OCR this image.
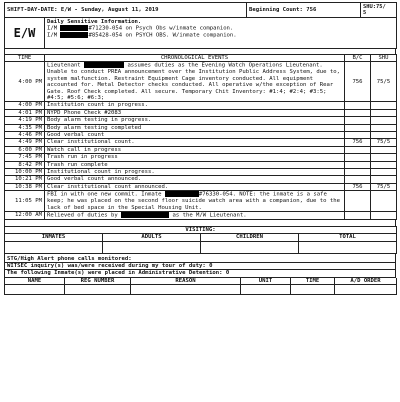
SHIFT-DAY-DATE: E/W - Sunday, August 11, 2019	Beginning Count: 756	SHU:75/
5
E/W	
Daily Sensitive Information.
I/M	#71230-054 on Psych Obs w/inmate companion.
I/M	#85428-054 on PSYCH OBS. W/inmate companion.
TIME	CHRONOLOGICAL EVENTS	B/C	SHU
4:00 PM	Lieutenant assumes duties as the Evening Watch Operations Lieutenant. Unable to conduct PREA announcement over the Institution Public Address System, due to, system malfunction. Restraint Equipment Cage inventory conducted. All equipment accounted for. Metal Detector checks conducted. All operative w/the exception of Rear Gate. Roof Check completed. All secure. Temporary Chit Inventory: #1:4; #2:4; #3:5; #4:5; #5:6; #6:3;	756	75/5
4:00 PM	Institution count in progress.		
4:01 PM	NYPD Phone Check #2083		
4:19 PM	Body alarm testing in progress.		
4:35 PM	Body alarm testing completed		
4:46 PM	Good verbal count		
4:49 PM	Clear institutional count.	756	75/5
6:00 PM	Watch call in progress		
7:45 PM	Trash run in progress		
8:42 PM	Trash run complete		
10:00 PM	Institutional count in progress.		
10:21 PM	Good verbal count announced.		
10:38 PM	Clear institutional count announced.	756	75/5
11:05 PM	FBI in with one new commit. Inmate #76330-054. NOTE: the inmate is a safe keep; he was placed on the second floor suicide watch area with a companion, due to the lack of bed space in the Special Housing Unit.		
12:00 AM	Relieved of duties by as the M/W Lieutenant.		
VISITING:			
INMATES	ADULTS	CHILDREN	TOTAL

STG/High Alert phone calls monitored:
WITSEC inquiry(s) was/were received during my tour of duty: 0
The following Inmate(s) were placed in Administrative Detention: 0
NAME	REG NUMBER	REASON	UNIT	TIME	A/D ORDER
